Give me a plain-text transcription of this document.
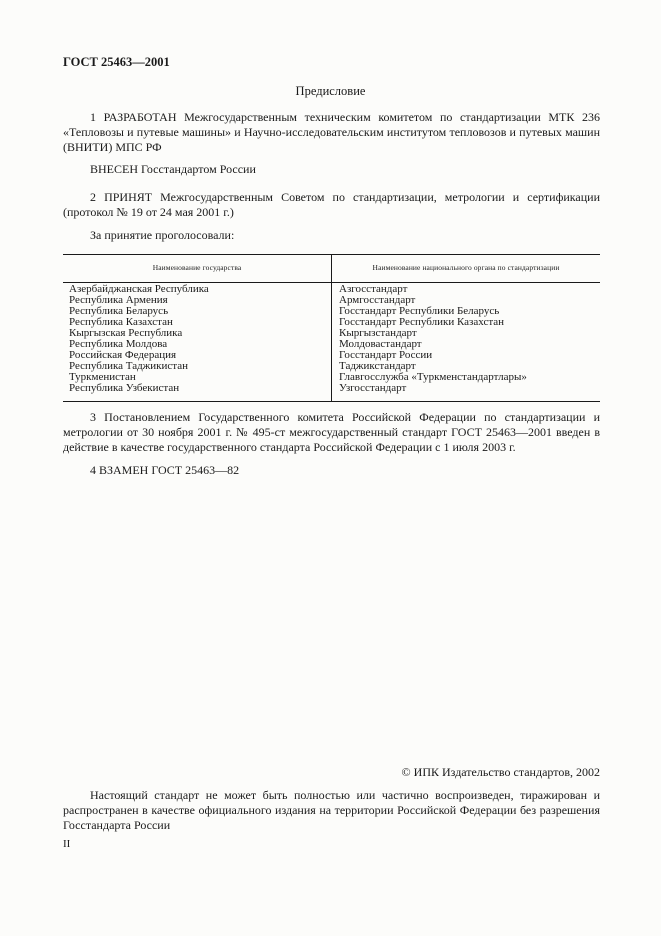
ГОСТ 25463—2001
Предисловие
1 РАЗРАБОТАН Межгосударственным техническим комитетом по стандартизации МТК 236 «Тепловозы и путевые машины» и Научно-исследовательским институтом тепловозов и путевых машин (ВНИТИ) МПС РФ
ВНЕСЕН Госстандартом России
2 ПРИНЯТ Межгосударственным Советом по стандартизации, метрологии и сертификации (протокол № 19 от 24 мая 2001 г.)
За принятие проголосовали:
Наименование государства	Наименование национального органа по стандартизации
Азербайджанская Республика
Республика Армения
Республика Беларусь
Республика Казахстан
Кыргызская Республика
Республика Молдова
Российская Федерация
Республика Таджикистан
Туркменистан
Республика Узбекистан
Азгосстандарт
Армгосстандарт
Госстандарт Республики Беларусь
Госстандарт Республики Казахстан
Кыргызстандарт
Молдовастандарт
Госстандарт России
Таджикстандарт
Главгосслужба «Туркменстандартлары»
Узгосстандарт
3 Постановлением Государственного комитета Российской Федерации по стандартизации и метрологии от 30 ноября 2001 г. № 495-ст межгосударственный стандарт ГОСТ 25463—2001 введен в действие в качестве государственного стандарта Российской Федерации с 1 июля 2003 г.
4 ВЗАМЕН ГОСТ 25463—82
© ИПК Издательство стандартов, 2002
Настоящий стандарт не может быть полностью или частично воспроизведен, тиражирован и распространен в качестве официального издания на территории Российской Федерации без разрешения Госстандарта России
II
